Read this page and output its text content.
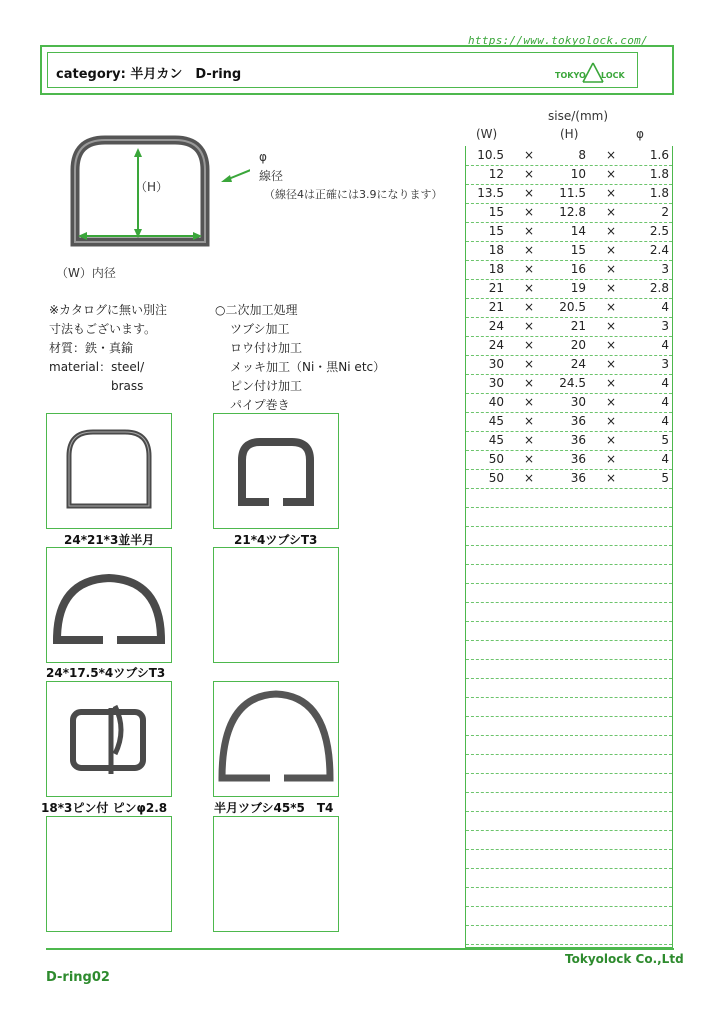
https://www.tokyolock.com/
category: 半月カン　D-ring	TOKYO LOCK
（H）
φ
線径
（線径4は正確には3.9になります）
（W）内径
※カタログに無い別注
寸法もございます。
材質：鉄・真鍮
material：steel/
brass
○二次加工処理
ツブシ加工
ロウ付け加工
メッキ加工（Ni・黒Ni etc）
ピン付け加工
パイプ巻き
sise/(mm)
(W)	(H)	φ
10.5 ×	8 ×	1.6
12 ×	10 ×	1.8
13.5 × 11.5 ×	1.8
15 × 12.8 ×	2
15 ×	14 ×	2.5
18 ×	15 ×	2.4
18 ×	16 ×	3
21 ×	19 ×	2.8
21 × 20.5 ×	4
24 ×	21 ×	3
24 ×	20 ×	4
30 ×	24 ×	3
30 × 24.5 ×	4
40 ×	30 ×	4
45 ×	36 ×	4
45 ×	36 ×	5
50 ×	36 ×	4
50 ×	36 ×	5
24*21*3並半月	21*4ツブシT3
24*17.5*4ツブシT3
18*3ピン付 ピンφ2.8	半月ツブシ45*5　T4
Tokyolock Co.,Ltd
D-ring02
